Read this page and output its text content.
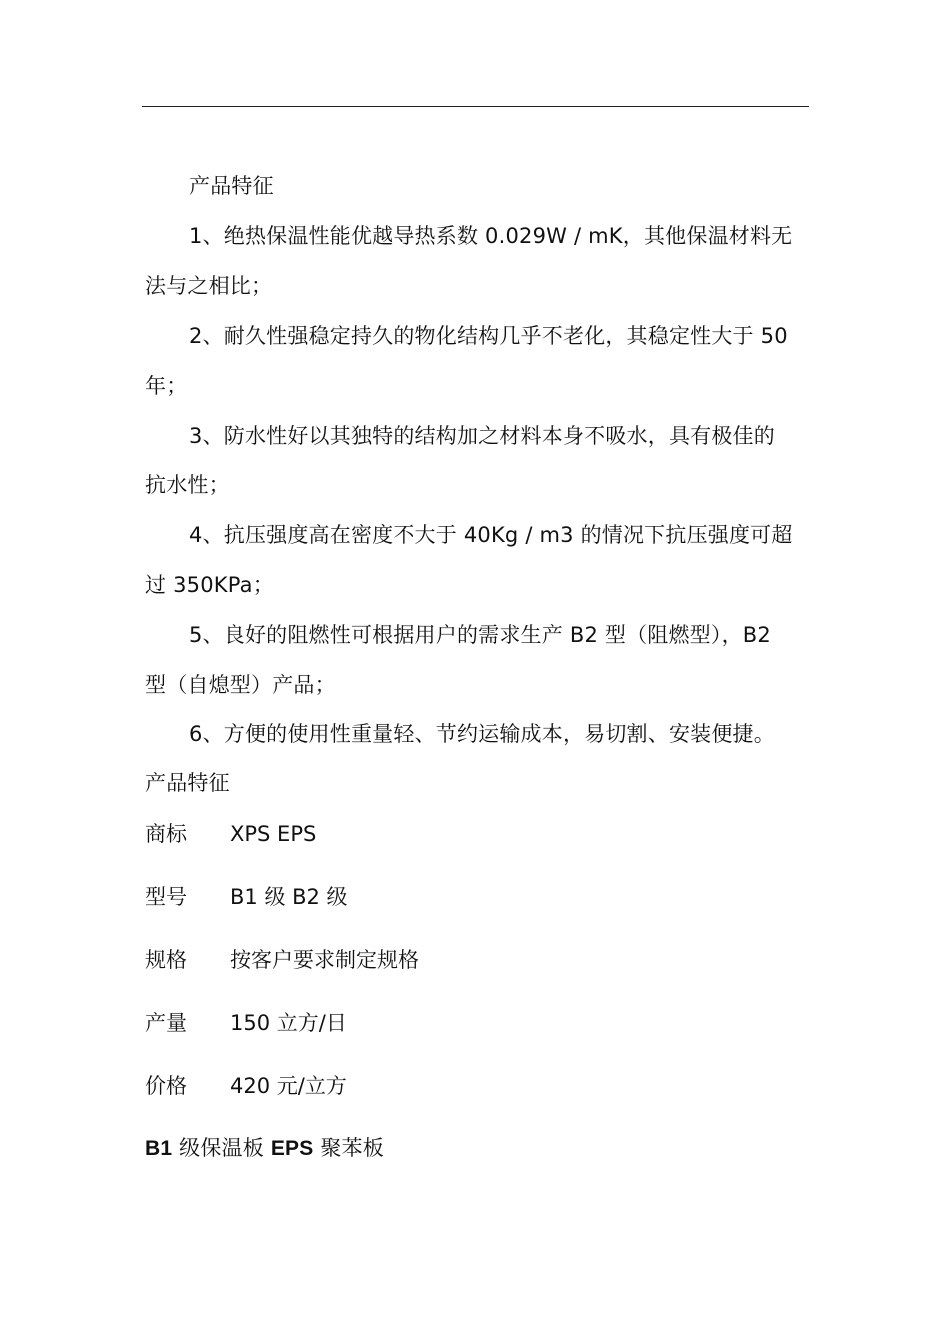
产品特征
1、绝热保温性能优越导热系数 0.029W / mK，其他保温材料无
法与之相比；
2、耐久性强稳定持久的物化结构几乎不老化，其稳定性大于 50
年；
3、防水性好以其独特的结构加之材料本身不吸水，具有极佳的
抗水性；
4、抗压强度高在密度不大于 40Kg / m3 的情况下抗压强度可超
过 350KPa；
5、良好的阻燃性可根据用户的需求生产 B2 型（阻燃型），B2
型（自熄型）产品；
6、方便的使用性重量轻、节约运输成本，易切割、安装便捷。
产品特征
商标 XPS EPS
型号 B1 级 B2 级
规格 按客户要求制定规格
产量 150 立方/日
价格 420 元/立方
B1 级保温板 EPS 聚苯板
